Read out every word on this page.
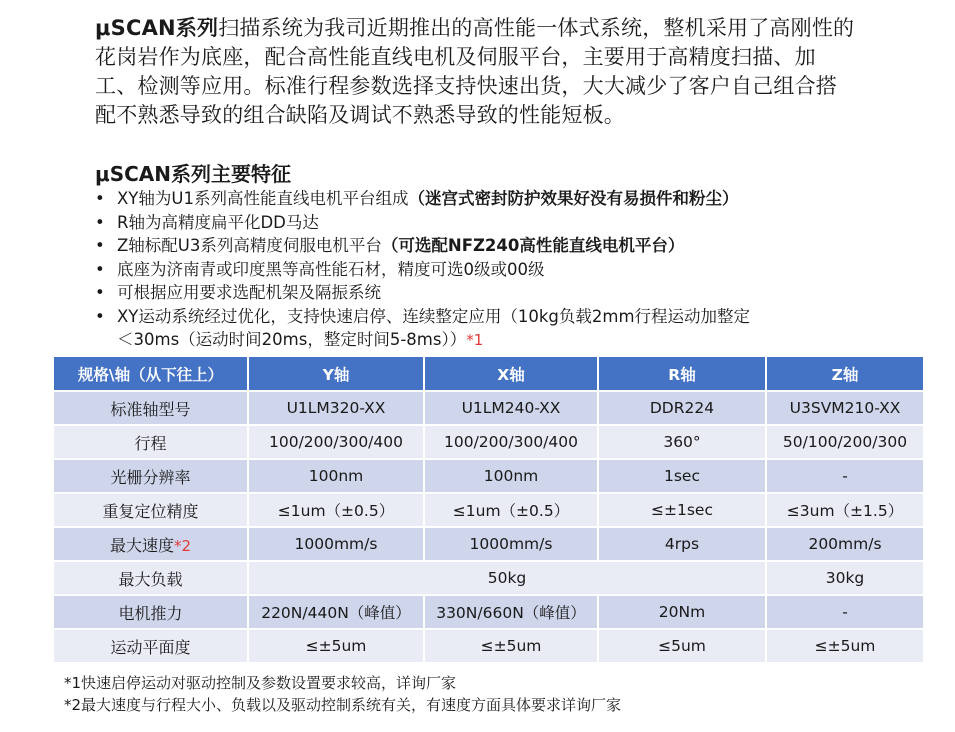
μSCAN系列扫描系统为我司近期推出的高性能一体式系统，整机采用了高刚性的花岗岩作为底座，配合高性能直线电机及伺服平台，主要用于高精度扫描、加工、检测等应用。标准行程参数选择支持快速出货，大大减少了客户自己组合搭配不熟悉导致的组合缺陷及调试不熟悉导致的性能短板。
μSCAN系列主要特征
• XY轴为U1系列高性能直线电机平台组成（迷宫式密封防护效果好没有易损件和粉尘）
• R轴为高精度扁平化DD马达
• Z轴标配U3系列高精度伺服电机平台（可选配NFZ240高性能直线电机平台）
• 底座为济南青或印度黑等高性能石材，精度可选0级或00级
• 可根据应用要求选配机架及隔振系统
• XY运动系统经过优化，支持快速启停、连续整定应用（10kg负载2mm行程运动加整定
＜30ms（运动时间20ms，整定时间5-8ms））*1
规格\轴（从下往上）	Y轴	X轴	R轴	Z轴
标准轴型号	U1LM320-XX	U1LM240-XX	DDR224	U3SVM210-XX
行程	100/200/300/400	100/200/300/400	360°	50/100/200/300
光栅分辨率	100nm	100nm	1sec	-
重复定位精度	≤1um（±0.5）	≤1um（±0.5）	≤±1sec	≤3um（±1.5）
最大速度*2	1000mm/s	1000mm/s	4rps	200mm/s
最大负载	50kg			30kg
电机推力	220N/440N（峰值）	330N/660N（峰值）	20Nm	-
运动平面度	≤±5um	≤±5um	≤5um	≤±5um
*1快速启停运动对驱动控制及参数设置要求较高，详询厂家
*2最大速度与行程大小、负载以及驱动控制系统有关，有速度方面具体要求详询厂家
